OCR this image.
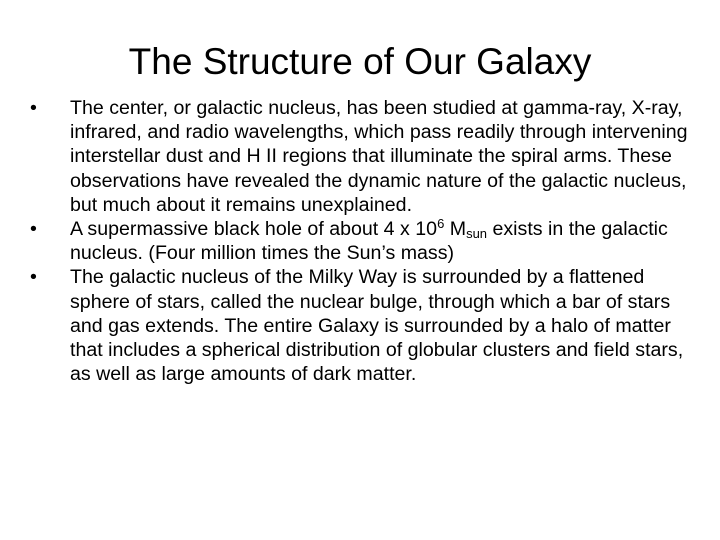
The Structure of Our Galaxy
•	The center, or galactic nucleus, has been studied at gamma-ray, X-ray, infrared, and radio wavelengths, which pass readily through intervening interstellar dust and H II regions that illuminate the spiral arms. These observations have revealed the dynamic nature of the galactic nucleus, but much about it remains unexplained.
•	A supermassive black hole of about 4 x $10^6$ $M_{sun}$ exists in the galactic nucleus. (Four million times the Sun’s mass)
•	The galactic nucleus of the Milky Way is surrounded by a flattened sphere of stars, called the nuclear bulge, through which a bar of stars and gas extends. The entire Galaxy is surrounded by a halo of matter that includes a spherical distribution of globular clusters and field stars, as well as large amounts of dark matter.
